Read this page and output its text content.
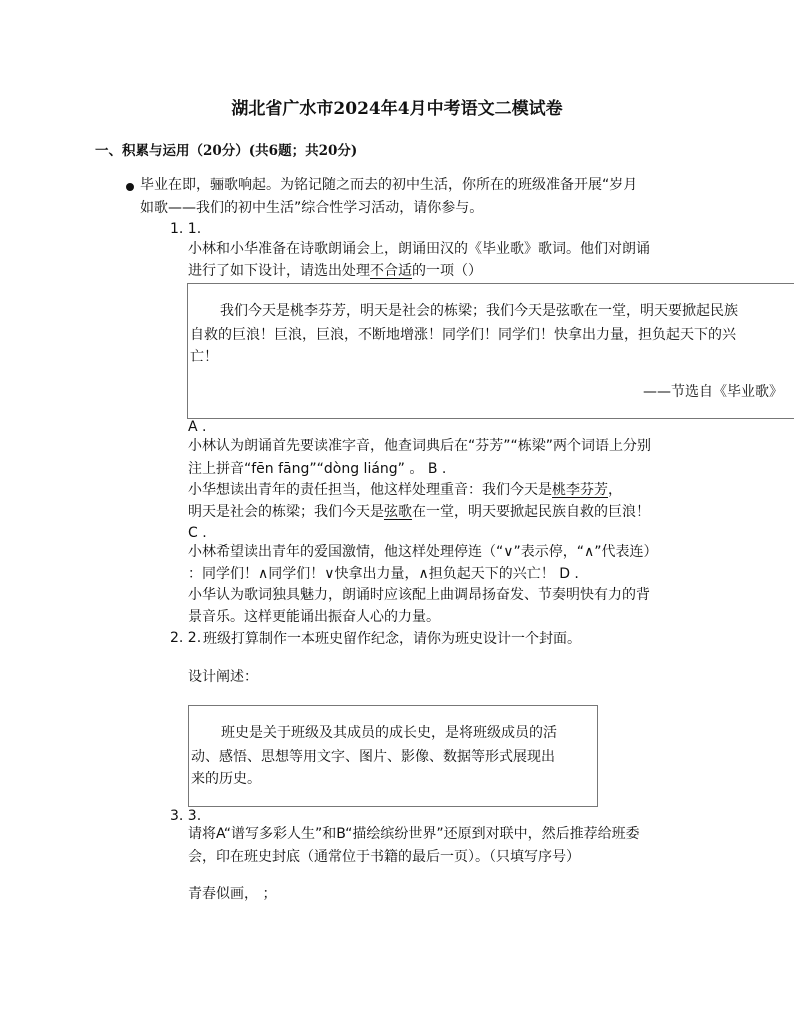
湖北省广水市2024年4月中考语文二模试卷
一、积累与运用（20分）(共6题；共20分)
毕业在即，骊歌响起。为铭记随之而去的初中生活，你所在的班级准备开展“岁月
如歌——我们的初中生活”综合性学习活动，请你参与。
1. 1.
小林和小华准备在诗歌朗诵会上，朗诵田汉的《毕业歌》歌词。他们对朗诵
进行了如下设计，请选出处理不合适的一项（）
我们今天是桃李芬芳，明天是社会的栋梁；我们今天是弦歌在一堂，明天要掀起民族
自救的巨浪！巨浪，巨浪，不断地增涨！同学们！同学们！快拿出力量，担负起天下的兴
亡！
——节选自《毕业歌》
A .
小林认为朗诵首先要读准字音，他查词典后在“芬芳”“栋梁”两个词语上分别
注上拼音“fēn fāng”“dòng liáng” 。 B .
小华想读出青年的责任担当，他这样处理重音：我们今天是桃李芬芳，
明天是社会的栋梁；我们今天是弦歌在一堂，明天要掀起民族自救的巨浪！
C .
小林希望读出青年的爱国激情，他这样处理停连（“∨”表示停，“∧”代表连）
：同学们！∧同学们！∨快拿出力量，∧担负起天下的兴亡！ D .
小华认为歌词独具魅力，朗诵时应该配上曲调昂扬奋发、节奏明快有力的背
景音乐。这样更能诵出振奋人心的力量。
2. 2. 班级打算制作一本班史留作纪念，请你为班史设计一个封面。
设计阐述：
班史是关于班级及其成员的成长史，是将班级成员的活
动、感悟、思想等用文字、图片、影像、数据等形式展现出
来的历史。
3. 3.
请将A“谱写多彩人生”和B“描绘缤纷世界”还原到对联中，然后推荐给班委
会，印在班史封底（通常位于书籍的最后一页）。（只填写序号）
青春似画， ；
